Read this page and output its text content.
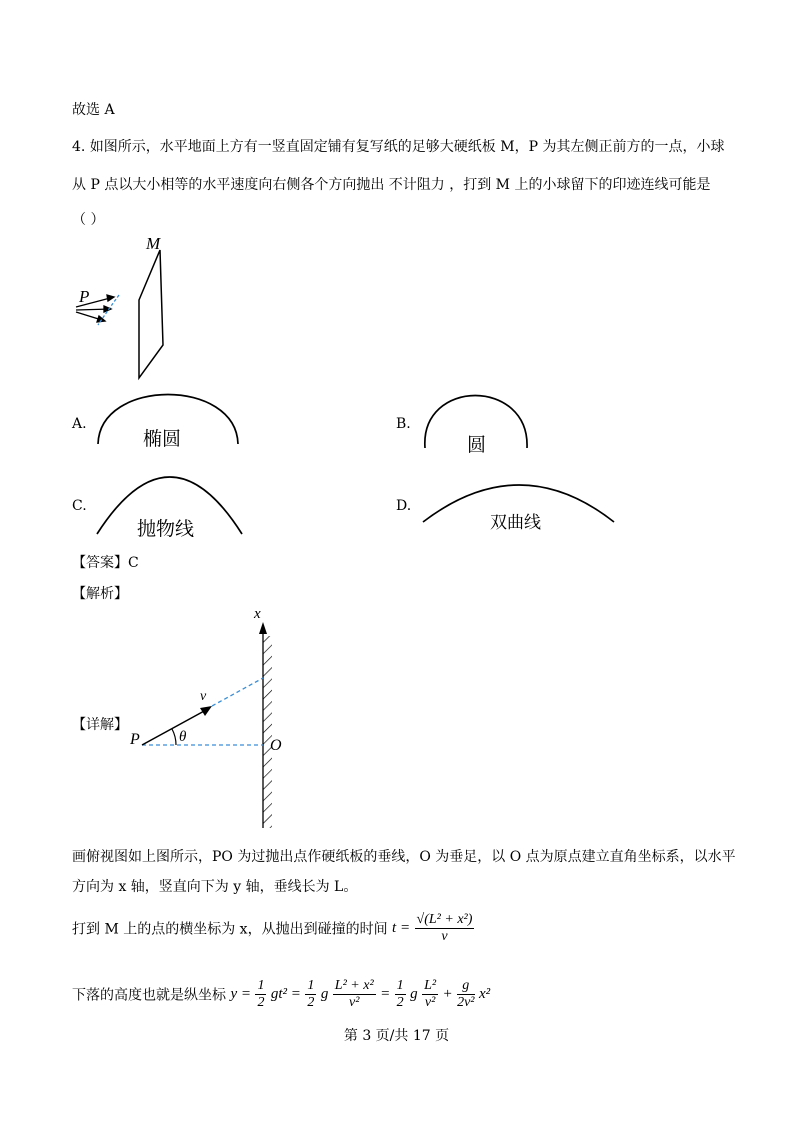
故选 A
4. 如图所示，水平地面上方有一竖直固定铺有复写纸的足够大硬纸板 M，P 为其左侧正前方的一点，小球
从 P 点以大小相等的水平速度向右侧各个方向抛出 不计阻力 ，打到 M 上的小球留下的印迹连线可能是
（ ）
M
P
A.
椭圆
B.
圆
C.
抛物线
D.
双曲线
【答案】C
【解析】
x
v
P	θ	O
【详解】
画俯视图如上图所示，PO 为过抛出点作硬纸板的垂线，O 为垂足，以 O 点为原点建立直角坐标系，以水平
方向为 x 轴，竖直向下为 y 轴，垂线长为 L。
打到 M 上的点的横坐标为 x，从抛出到碰撞的时间 $t = \frac{\text{√(L² + x²)}}{v}$
下落的高度也就是纵坐标 $y = \frac{1}{2} gt^2 = \frac{1}{2}$ g $\frac{\text{L² + x²}}{\text{v²}} = \frac{1}{2}$ g $\frac{\text{L²}}{\text{v²}} + \frac{g}{\text{2v²}} x^2$
第 3 页/共 17 页
